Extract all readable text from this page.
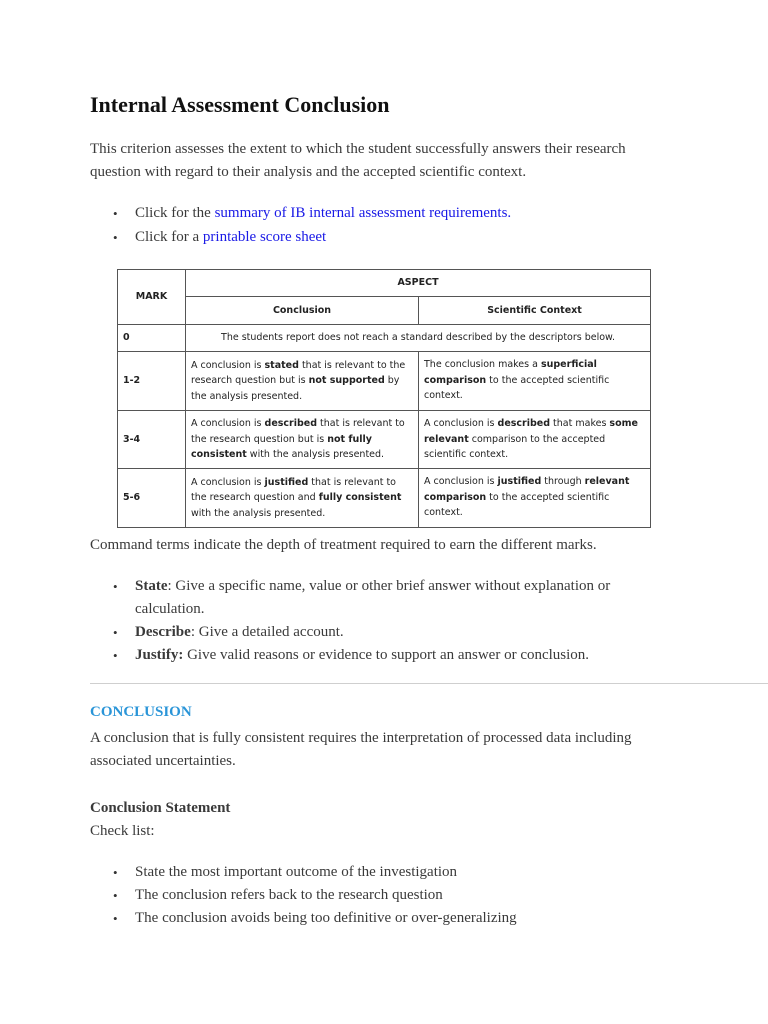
Internal Assessment Conclusion

This criterion assesses the extent to which the student successfully answers their research question with regard to their analysis and the accepted scientific context.

• Click for the summary of IB internal assessment requirements.
• Click for a printable score sheet
MARK	ASPECT	
	Conclusion	Scientific Context
0	The students report does not reach a standard described by the descriptors below.	
1-2	A conclusion is stated that is relevant to the research question but is not supported by the analysis presented.	The conclusion makes a superficial comparison to the accepted scientific context.
3-4	A conclusion is described that is relevant to the research question but is not fully consistent with the analysis presented.	A conclusion is described that makes some relevant comparison to the accepted scientific context.
5-6	A conclusion is justified that is relevant to the research question and fully consistent with the analysis presented.	A conclusion is justified through relevant comparison to the accepted scientific context.

Command terms indicate the depth of treatment required to earn the different marks.

• State: Give a specific name, value or other brief answer without explanation or calculation.
• Describe: Give a detailed account.
• Justify: Give valid reasons or evidence to support an answer or conclusion.
CONCLUSION

A conclusion that is fully consistent requires the interpretation of processed data including associated uncertainties.

Conclusion Statement
Check list:
• State the most important outcome of the investigation
• The conclusion refers back to the research question
• The conclusion avoids being too definitive or over-generalizing
